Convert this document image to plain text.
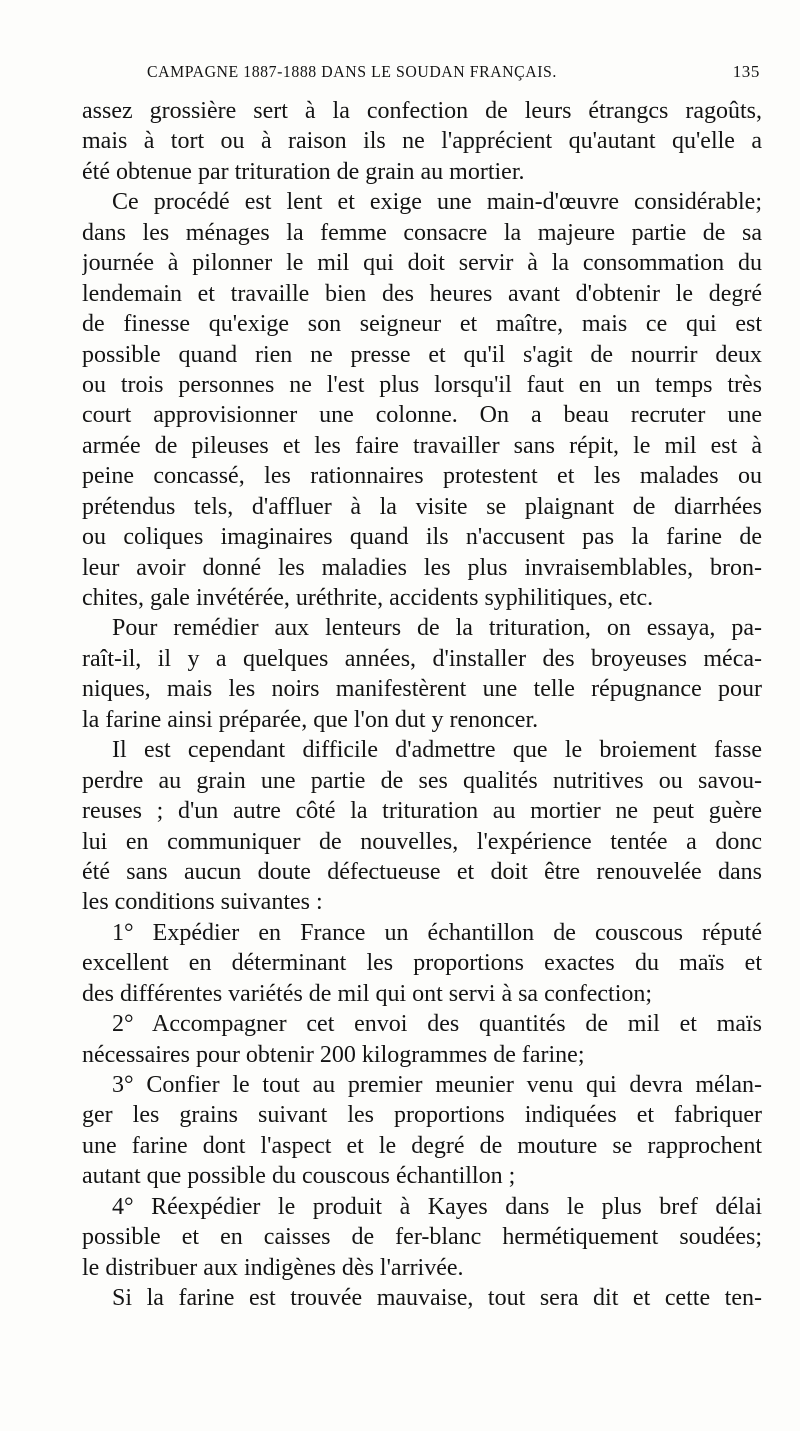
CAMPAGNE 1887-1888 DANS LE SOUDAN FRANÇAIS.	135
assez grossière sert à la confection de leurs étrangcs ragoûts,
mais à tort ou à raison ils ne l'apprécient qu'autant qu'elle a
été obtenue par trituration de grain au mortier.
Ce procédé est lent et exige une main-d'œuvre considérable;
dans les ménages la femme consacre la majeure partie de sa
journée à pilonner le mil qui doit servir à la consommation du
lendemain et travaille bien des heures avant d'obtenir le degré
de finesse qu'exige son seigneur et maître, mais ce qui est
possible quand rien ne presse et qu'il s'agit de nourrir deux
ou trois personnes ne l'est plus lorsqu'il faut en un temps très
court approvisionner une colonne. On a beau recruter une
armée de pileuses et les faire travailler sans répit, le mil est à
peine concassé, les rationnaires protestent et les malades ou
prétendus tels, d'affluer à la visite se plaignant de diarrhées
ou coliques imaginaires quand ils n'accusent pas la farine de
leur avoir donné les maladies les plus invraisemblables, bron-
chites, gale invétérée, uréthrite, accidents syphilitiques, etc.
Pour remédier aux lenteurs de la trituration, on essaya, pa-
raît-il, il y a quelques années, d'installer des broyeuses méca-
niques, mais les noirs manifestèrent une telle répugnance pour
la farine ainsi préparée, que l'on dut y renoncer.
Il est cependant difficile d'admettre que le broiement fasse
perdre au grain une partie de ses qualités nutritives ou savou-
reuses ; d'un autre côté la trituration au mortier ne peut guère
lui en communiquer de nouvelles, l'expérience tentée a donc
été sans aucun doute défectueuse et doit être renouvelée dans
les conditions suivantes :
1° Expédier en France un échantillon de couscous réputé
excellent en déterminant les proportions exactes du maïs et
des différentes variétés de mil qui ont servi à sa confection;
2° Accompagner cet envoi des quantités de mil et maïs
nécessaires pour obtenir 200 kilogrammes de farine;
3° Confier le tout au premier meunier venu qui devra mélan-
ger les grains suivant les proportions indiquées et fabriquer
une farine dont l'aspect et le degré de mouture se rapprochent
autant que possible du couscous échantillon ;
4° Réexpédier le produit à Kayes dans le plus bref délai
possible et en caisses de fer-blanc hermétiquement soudées;
le distribuer aux indigènes dès l'arrivée.
Si la farine est trouvée mauvaise, tout sera dit et cette ten-
